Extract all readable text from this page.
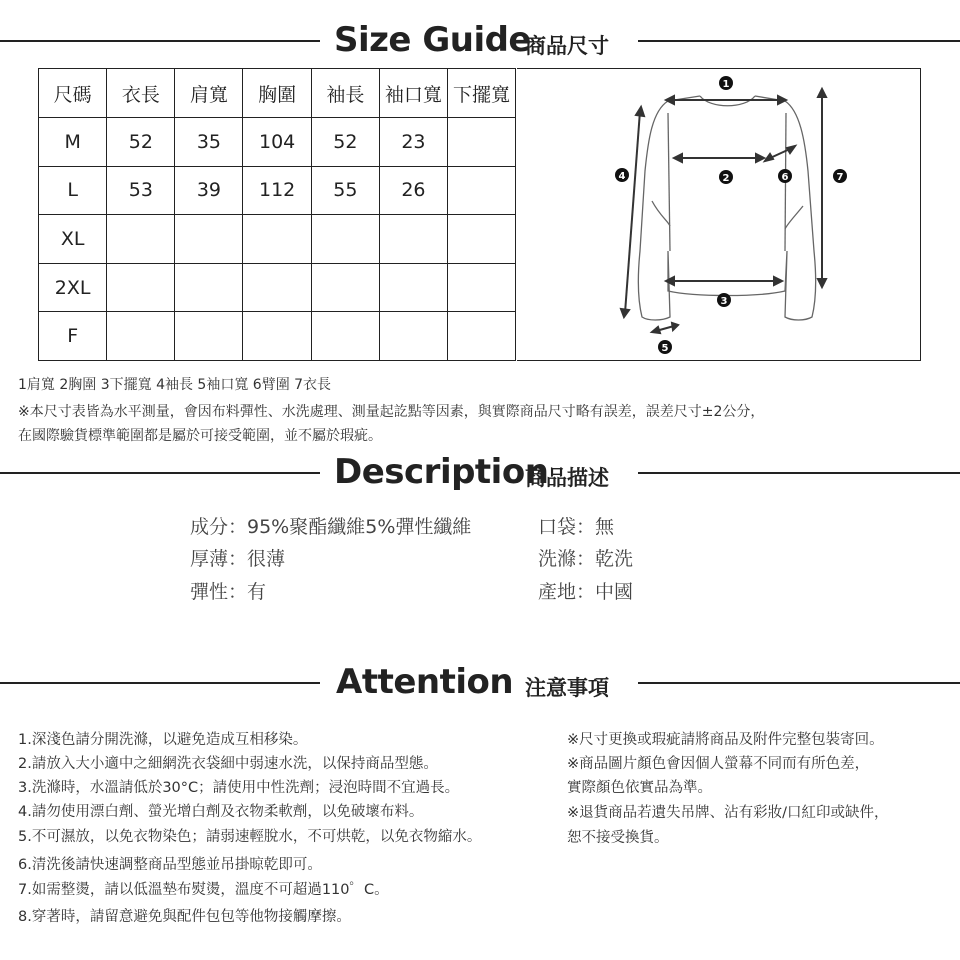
Size Guide
商品尺寸
尺碼	衣長	肩寬	胸圍	袖長	袖口寬	下擺寬
M	52	35	104	52	23	
L	53	39	112	55	26	
XL						
2XL						
F						
1
2
3
4
5
6	7
1肩寬 2胸圍 3下擺寬 4袖長 5袖口寬 6臂圍 7衣長
※本尺寸表皆為水平測量，會因布料彈性、水洗處理、測量起訖點等因素，與實際商品尺寸略有誤差，誤差尺寸±2公分，
在國際驗貨標準範圍都是屬於可接受範圍，並不屬於瑕疵。
Description
商品描述
成分：95%聚酯纖維5%彈性纖維
厚薄：很薄
彈性：有
口袋：無
洗滌：乾洗
產地：中國
Attention 注意事項
1.深淺色請分開洗滌，以避免造成互相移染。
2.請放入大小適中之細網洗衣袋細中弱速水洗，以保持商品型態。
3.洗滌時，水溫請低於30°C；請使用中性洗劑；浸泡時間不宜過長。
4.請勿使用漂白劑、螢光增白劑及衣物柔軟劑，以免破壞布料。
5.不可濕放，以免衣物染色；請弱速輕脫水，不可烘乾，以免衣物縮水。
6.清洗後請快速調整商品型態並吊掛晾乾即可。
7.如需整燙，請以低溫墊布熨燙，溫度不可超過110゜C。
8.穿著時，請留意避免與配件包包等他物接觸摩擦。
※尺寸更換或瑕疵請將商品及附件完整包裝寄回。
※商品圖片顏色會因個人螢幕不同而有所色差，
實際顏色依實品為準。
※退貨商品若遺失吊牌、沾有彩妝/口紅印或缺件，
恕不接受換貨。
